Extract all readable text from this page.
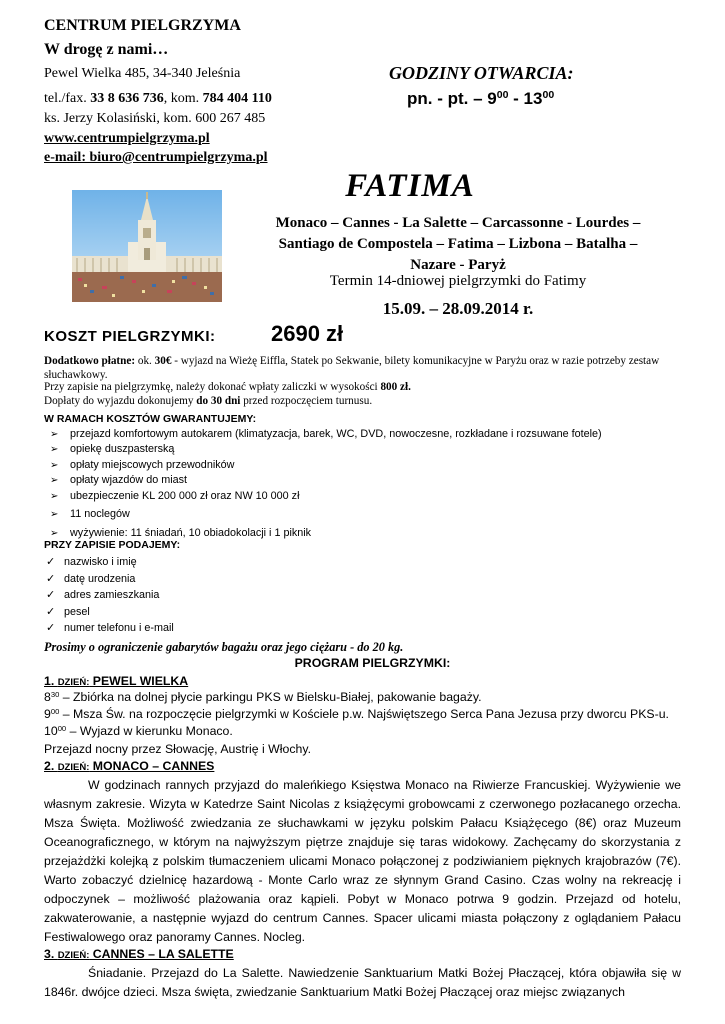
CENTRUM PIELGRZYMA
W drogę z nami…
Pewel Wielka 485, 34-340 Jeleśnia
tel./fax. 33 8 636 736, kom. 784 404 110
ks. Jerzy Kolasiński, kom. 600 267 485
www.centrumpielgrzyma.pl
e-mail: biuro@centrumpielgrzyma.pl
GODZINY OTWARCIA:
pn. - pt. – $9^{00} - 13^{00}$
FATIMA
Monaco – Cannes - La Salette – Carcassonne - Lourdes –
Santiago de Compostela – Fatima – Lizbona – Batalha –
Nazare - Paryż
Termin 14-dniowej pielgrzymki do Fatimy
15.09. – 28.09.2014 r.
KOSZT PIELGRZYMKI:	2690 zł
Dodatkowo płatne: ok. 30€ - wyjazd na Wieżę Eiffla, Statek po Sekwanie, bilety komunikacyjne w Paryżu oraz w razie potrzeby zestaw słuchawkowy.
Przy zapisie na pielgrzymkę, należy dokonać wpłaty zaliczki w wysokości 800 zł.
Dopłaty do wyjazdu dokonujemy do 30 dni przed rozpoczęciem turnusu.
W RAMACH KOSZTÓW GWARANTUJEMY:
➢ przejazd komfortowym autokarem (klimatyzacja, barek, WC, DVD, nowoczesne, rozkładane i rozsuwane fotele)
➢ opiekę duszpasterską
➢ opłaty miejscowych przewodników
➢ opłaty wjazdów do miast
➢ ubezpieczenie KL 200 000 zł oraz NW 10 000 zł
➢ 11 noclegów
➢ wyżywienie: 11 śniadań, 10 obiadokolacji i 1 piknik
PRZY ZAPISIE PODAJEMY:
✓ nazwisko i imię
✓ datę urodzenia
✓ adres zamieszkania
✓ pesel
✓ numer telefonu i e-mail
Prosimy o ograniczenie gabarytów bagażu oraz jego ciężaru - do 20 kg.
PROGRAM PIELGRZYMKI:
1. DZIEŃ: PEWEL WIELKA
$8^{30}$ – Zbiórka na dolnej płycie parkingu PKS w Bielsku-Białej, pakowanie bagaży.
$9^{00}$ – Msza Św. na rozpoczęcie pielgrzymki w Kościele p.w. Najświętszego Serca Pana Jezusa przy dworcu PKS-u.
$10^{00}$ – Wyjazd w kierunku Monaco.
Przejazd nocny przez Słowację, Austrię i Włochy.
2. DZIEŃ: MONACO – CANNES
W godzinach rannych przyjazd do maleńkiego Księstwa Monaco na Riwierze Francuskiej. Wyżywienie we własnym zakresie. Wizyta w Katedrze Saint Nicolas z książęcymi grobowcami z czerwonego pozłacanego orzecha. Msza Święta. Możliwość zwiedzania ze słuchawkami w języku polskim Pałacu Książęcego (8€) oraz Muzeum Oceanograficznego, w którym na najwyższym piętrze znajduje się taras widokowy. Zachęcamy do skorzystania z przejażdżki kolejką z polskim tłumaczeniem ulicami Monaco połączonej z podziwianiem pięknych krajobrazów (7€). Warto zobaczyć dzielnicę hazardową - Monte Carlo wraz ze słynnym Grand Casino. Czas wolny na rekreację i odpoczynek – możliwość plażowania oraz kąpieli. Pobyt w Monaco potrwa 9 godzin. Przejazd od hotelu, zakwaterowanie, a następnie wyjazd do centrum Cannes. Spacer ulicami miasta połączony z oglądaniem Pałacu Festiwalowego oraz panoramy Cannes. Nocleg.
3. DZIEŃ: CANNES – LA SALETTE
Śniadanie. Przejazd do La Salette. Nawiedzenie Sanktuarium Matki Bożej Płaczącej, która objawiła się w 1846r. dwójce dzieci. Msza święta, zwiedzanie Sanktuarium Matki Bożej Płaczącej oraz miejsc związanych
